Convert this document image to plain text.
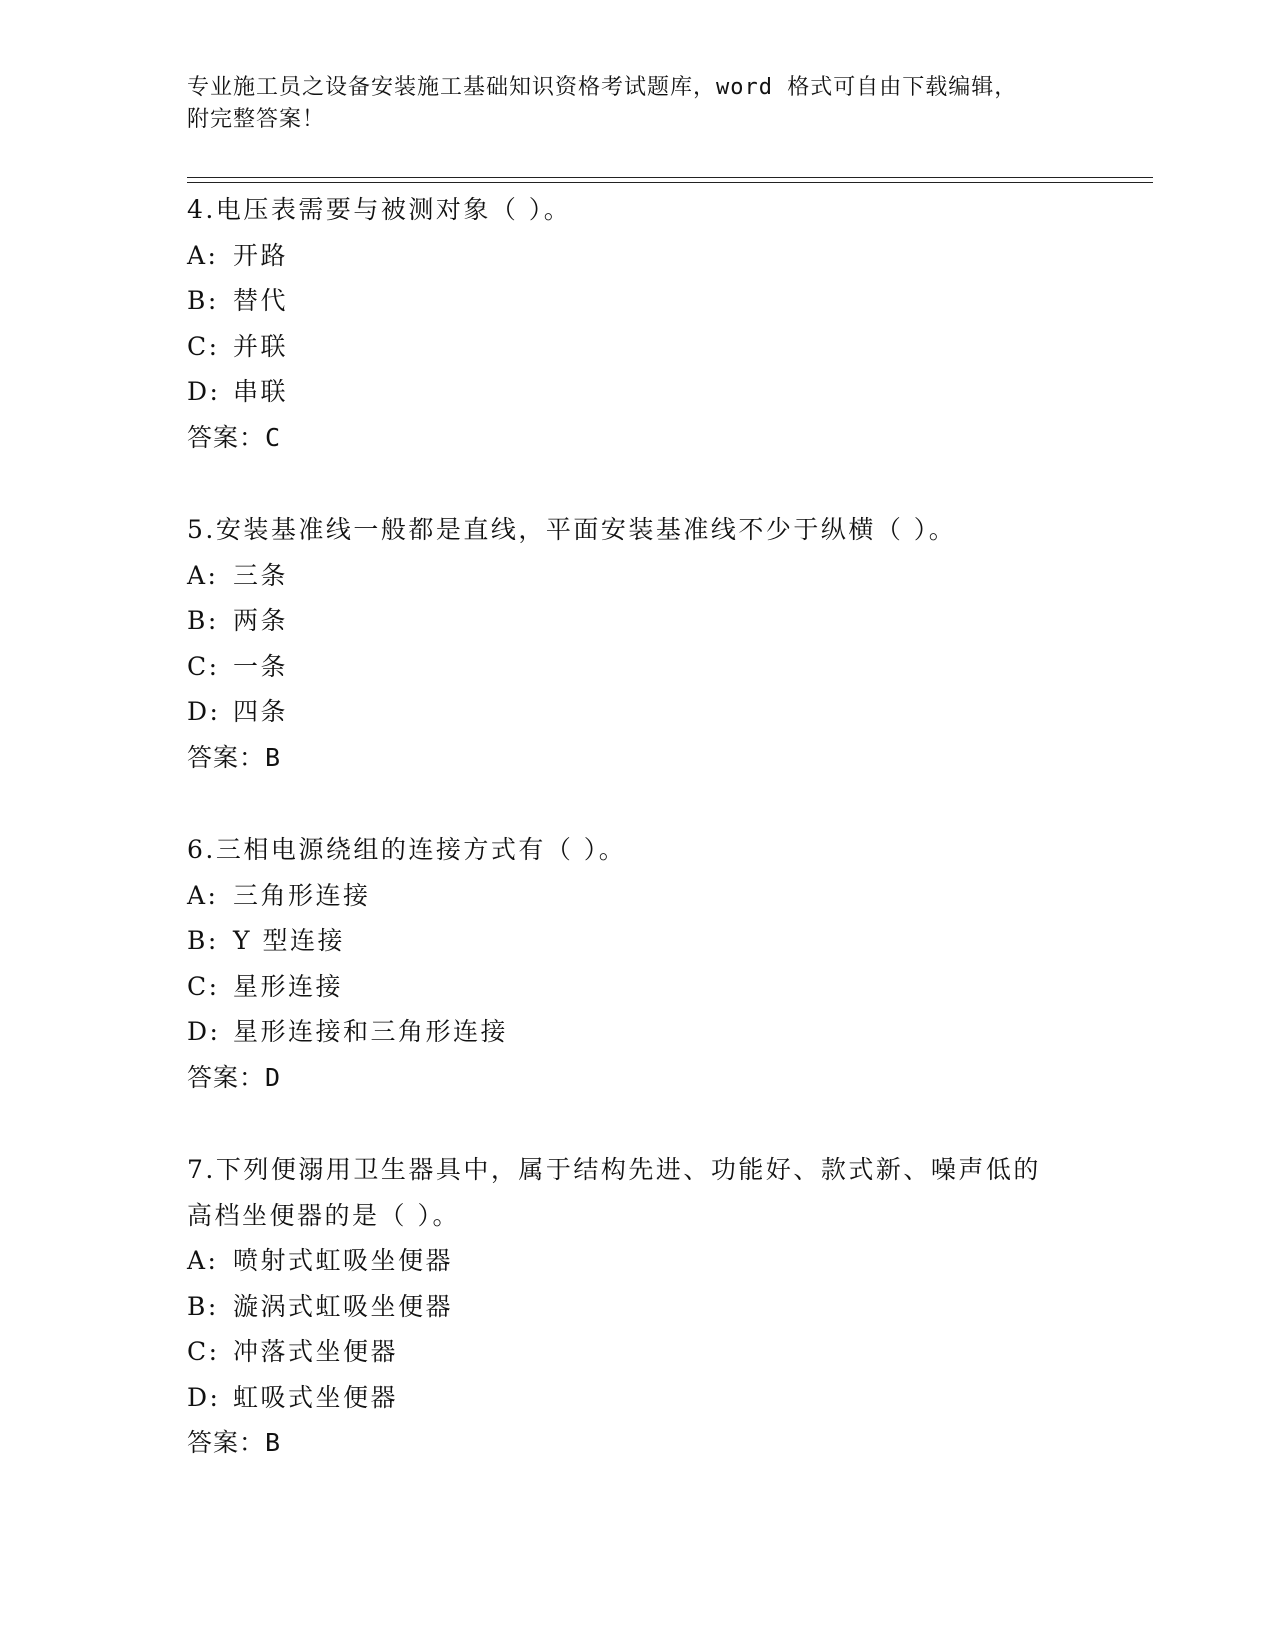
专业施工员之设备安装施工基础知识资格考试题库，word 格式可自由下载编辑，
附完整答案！
4.电压表需要与被测对象（ ）。
A: 开路
B: 替代
C: 并联
D: 串联
答案：C
5.安装基准线一般都是直线，平面安装基准线不少于纵横（ ）。
A: 三条
B: 两条
C: 一条
D: 四条
答案：B
6.三相电源绕组的连接方式有（ ）。
A: 三角形连接
B: Y 型连接
C: 星形连接
D: 星形连接和三角形连接
答案：D
7.下列便溺用卫生器具中，属于结构先进、功能好、款式新、噪声低的高档坐便器的是（ ）。
A: 喷射式虹吸坐便器
B: 漩涡式虹吸坐便器
C: 冲落式坐便器
D: 虹吸式坐便器
答案：B
